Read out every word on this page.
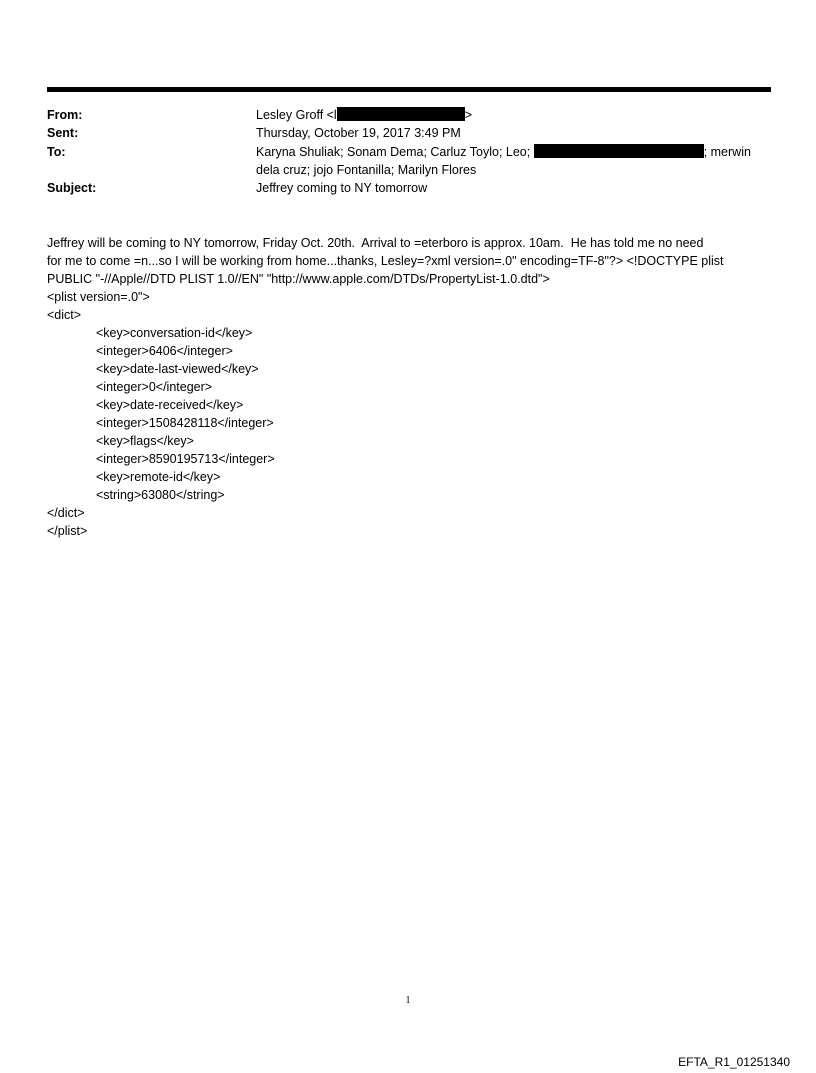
From:	Lesley Groff <l	>
Sent:	Thursday, October 19, 2017 3:49 PM
To:	Karyna Shuliak; Sonam Dema; Carluz Toylo; Leo;	; merwin
dela cruz; jojo Fontanilla; Marilyn Flores
Subject:	Jeffrey coming to NY tomorrow

Jeffrey will be coming to NY tomorrow, Friday Oct. 20th.  Arrival to =eterboro is approx. 10am.  He has told me no need

for me to come =n...so I will be working from home...thanks, Lesley=?xml version=.0" encoding=TF-8"?> <!DOCTYPE plist

PUBLIC "-//Apple//DTD PLIST 1.0//EN" "http://www.apple.com/DTDs/PropertyList-1.0.dtd">

<plist version=.0">

<dict>

<key>conversation-id</key>

<integer>6406</integer>

<key>date-last-viewed</key>

<integer>0</integer>

<key>date-received</key>

<integer>1508428118</integer>

<key>flags</key>

<integer>8590195713</integer>

<key>remote-id</key>

<string>63080</string>

</dict>

</plist>

1
EFTA_R1_01251340
